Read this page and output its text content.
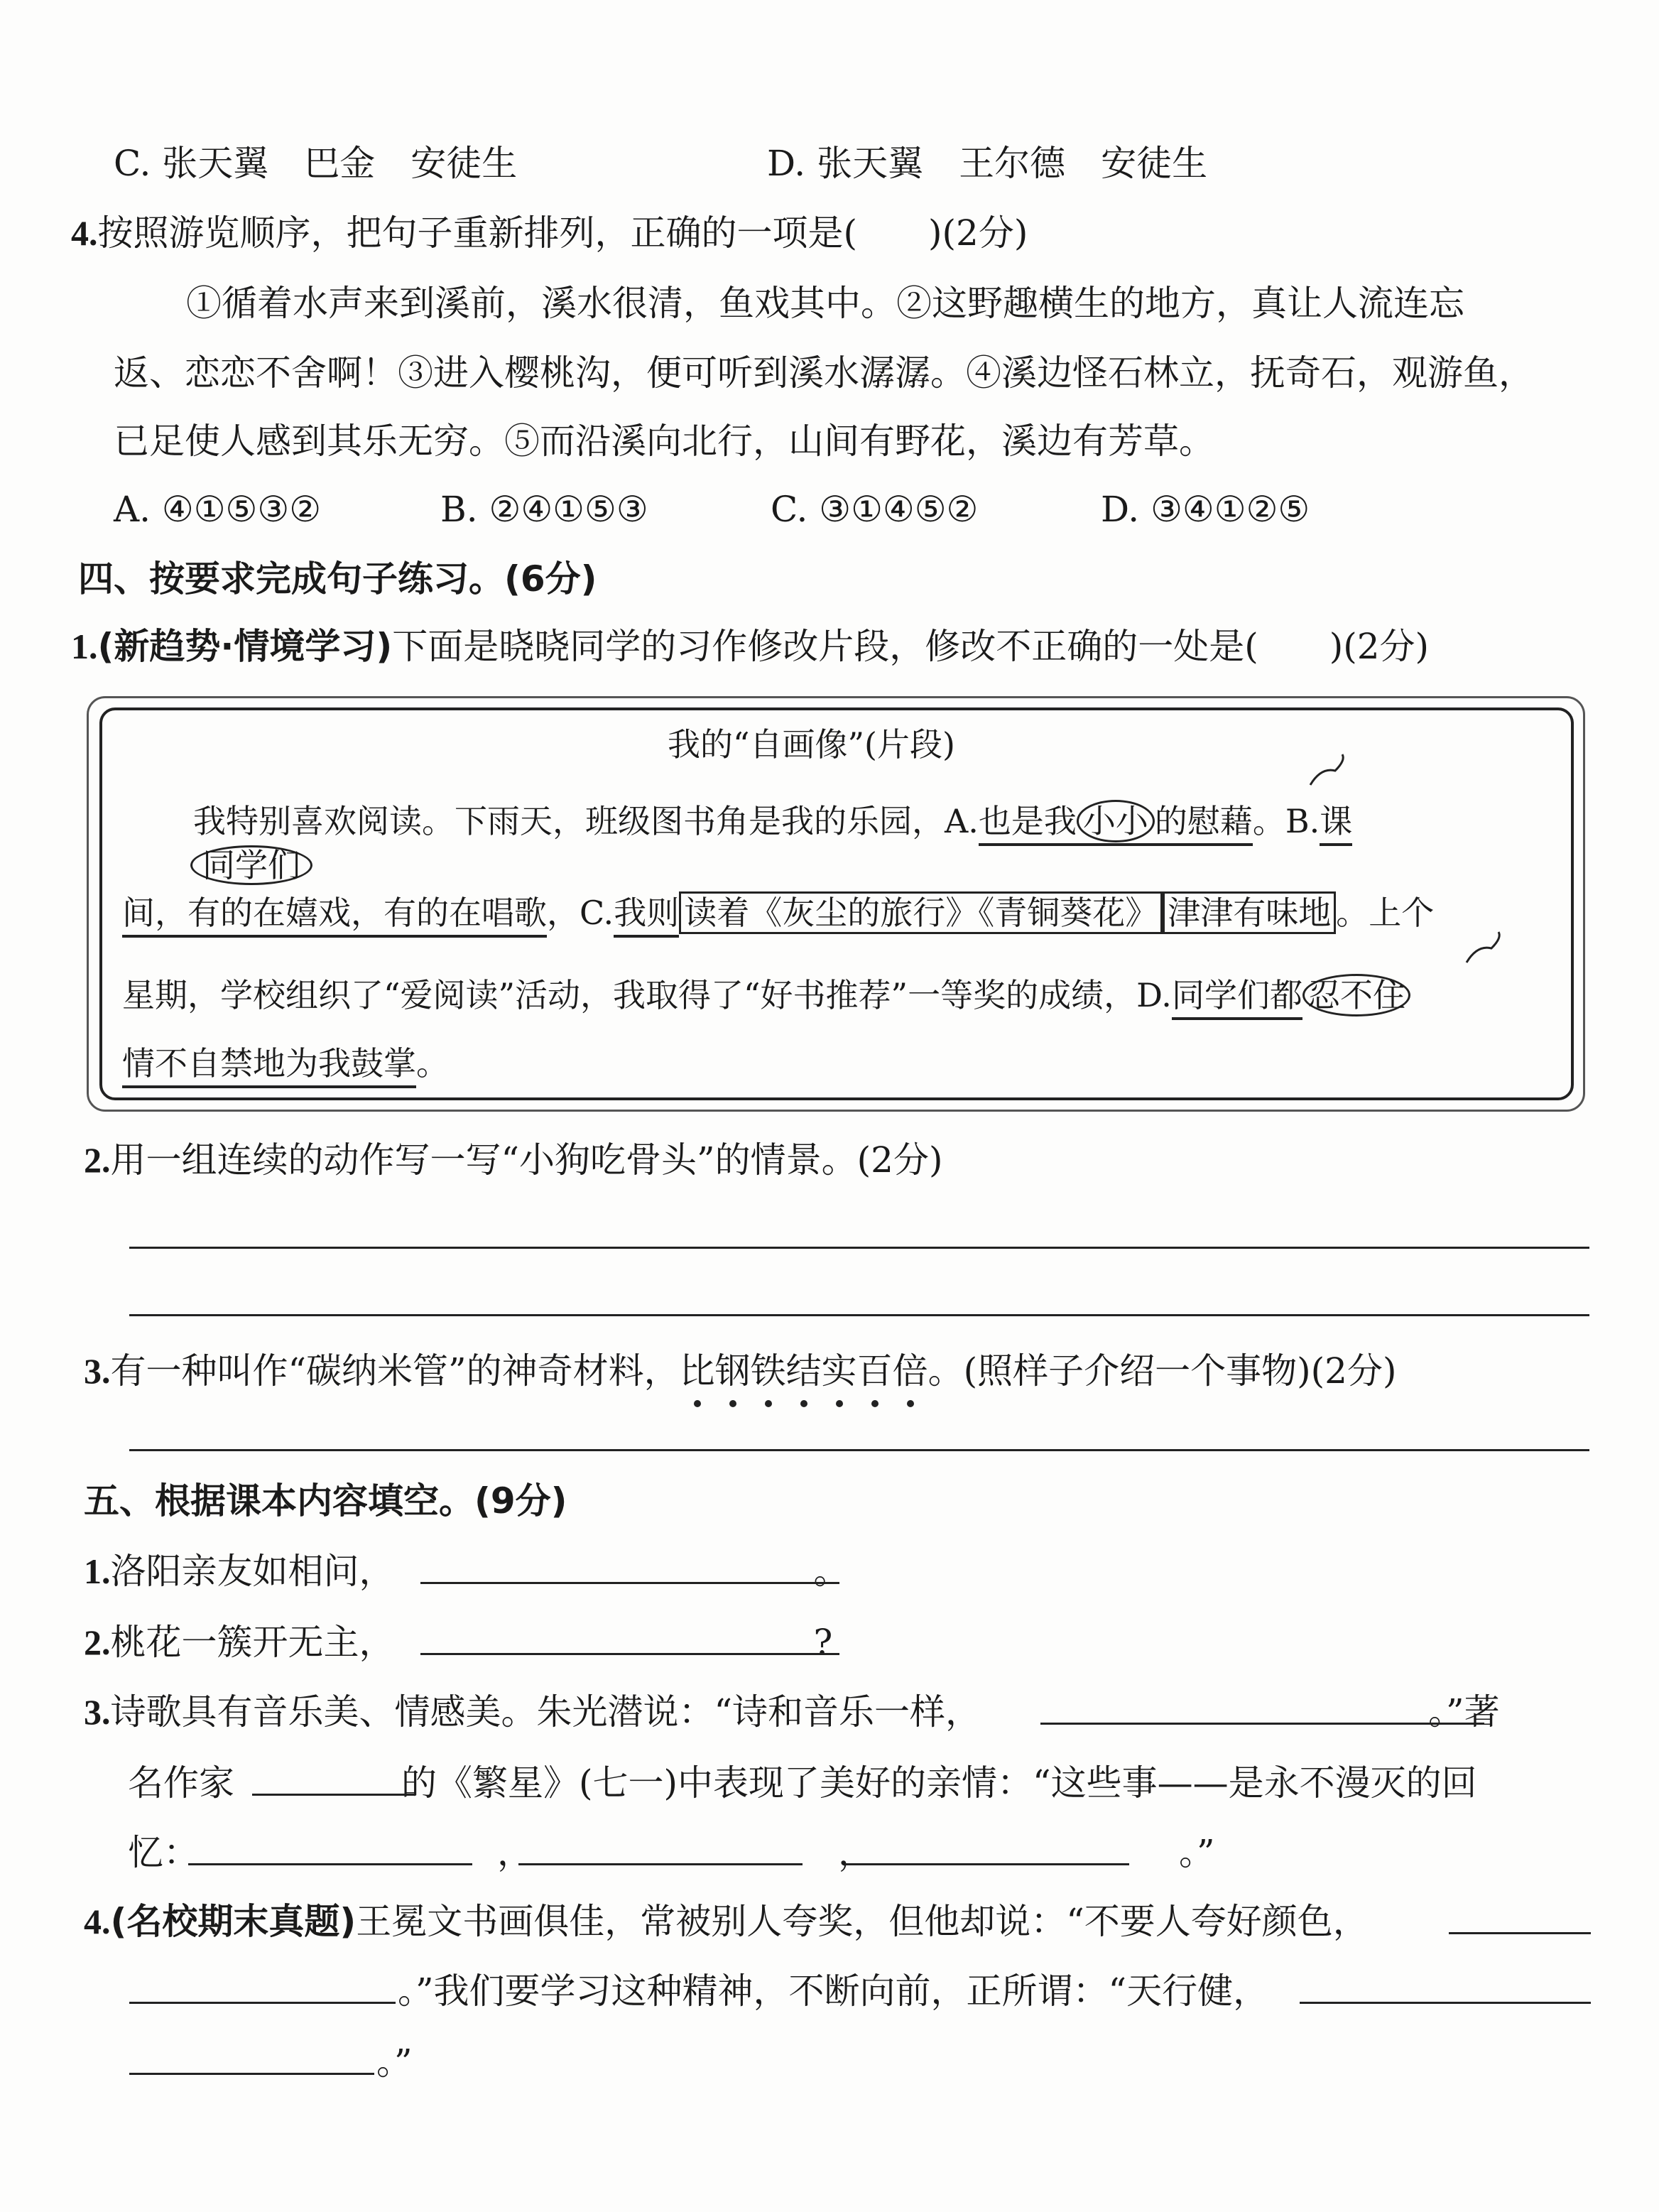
C. 张天翼　巴金　安徒生	D. 张天翼　王尔德　安徒生
4.按照游览顺序，把句子重新排列，正确的一项是(　　)(2分)
①循着水声来到溪前，溪水很清，鱼戏其中。②这野趣横生的地方，真让人流连忘
返、恋恋不舍啊！③进入樱桃沟，便可听到溪水潺潺。④溪边怪石林立，抚奇石，观游鱼，
已足使人感到其乐无穷。⑤而沿溪向北行，山间有野花，溪边有芳草。
A. ④①⑤③②	B. ②④①⑤③	C. ③①④⑤②	D. ③④①②⑤
四、按要求完成句子练习。(6分)
1.(新趋势·情境学习)下面是晓晓同学的习作修改片段，修改不正确的一处是(　　)(2分)
我的“自画像”(片段)
我特别喜欢阅读。下雨天，班级图书角是我的乐园，A.也是我 小小 的慰藉。B.课
同学们
间，有的在嬉戏，有的在唱歌，C.我则 读着《灰尘的旅行》《青铜葵花》 津津有味地 。上个
星期，学校组织了“爱阅读”活动，我取得了“好书推荐”一等奖的成绩，D.同学们都 忍不住
情不自禁地为我鼓掌。
2.用一组连续的动作写一写“小狗吃骨头”的情景。(2分)
3.有一种叫作“碳纳米管”的神奇材料，比钢铁结实百倍。(照样子介绍一个事物)(2分)
五、根据课本内容填空。(9分)
1.洛阳亲友如相问，	。
2.桃花一簇开无主，	?
3.诗歌具有音乐美、情感美。朱光潜说：“诗和音乐一样，	。”著
名作家	的《繁星》(七一)中表现了美好的亲情：“这些事——是永不漫灭的回
忆：	，	，	。”
4.(名校期末真题)王冕文书画俱佳，常被别人夸奖，但他却说：“不要人夸好颜色，
。”我们要学习这种精神，不断向前，正所谓：“天行健，
。”
